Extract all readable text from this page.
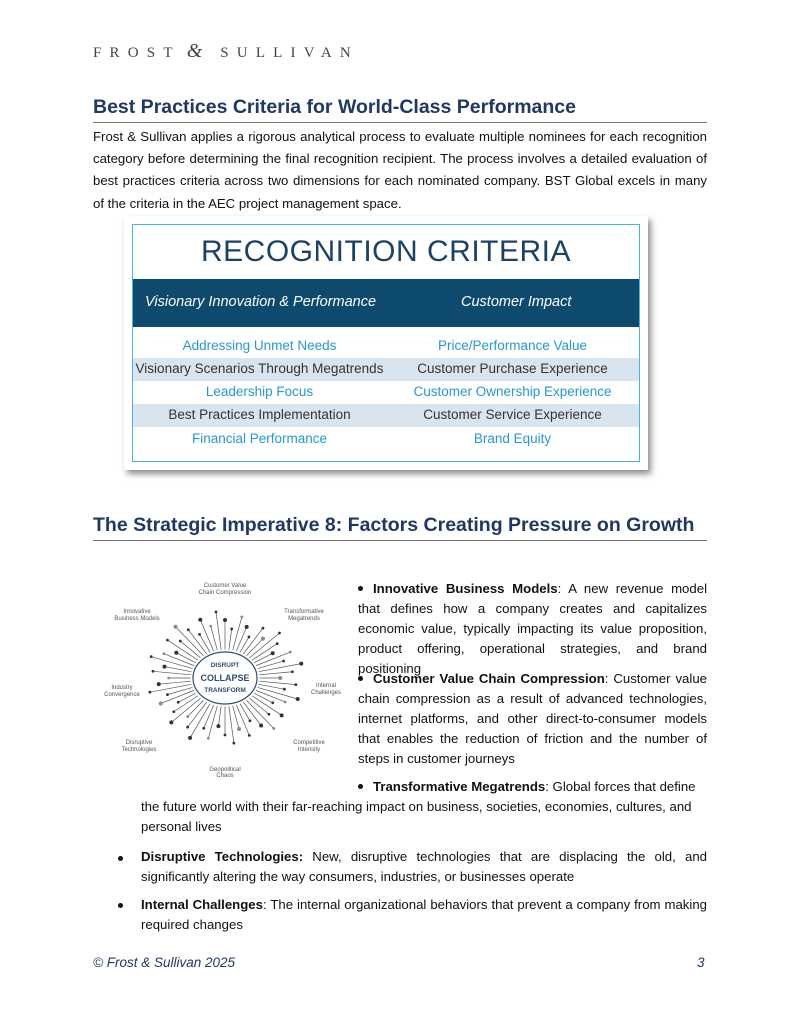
FROST & SULLIVAN
Best Practices Criteria for World-Class Performance

Frost & Sullivan applies a rigorous analytical process to evaluate multiple nominees for each recognition category before determining the final recognition recipient. The process involves a detailed evaluation of best practices criteria across two dimensions for each nominated company. BST Global excels in many of the criteria in the AEC project management space.

RECOGNITION CRITERIA
Visionary Innovation & Performance	Customer Impact
Addressing Unmet Needs	Price/Performance Value
Visionary Scenarios Through Megatrends	Customer Purchase Experience
Leadership Focus	Customer Ownership Experience
Best Practices Implementation	Customer Service Experience
Financial Performance	Brand Equity
The Strategic Imperative 8: Factors Creating Pressure on Growth
DISRUPT
COLLAPSE
TRANSFORM
Customer Value
Chain Compression
Transformative
Megatrends
Internal
Challenges
Competitive
Intensity
Geopolitical
Chaos
Disruptive
Technologies
Industry
Convergence
Innovative
Business Models
Innovative Business Models: A new revenue model that defines how a company creates and capitalizes economic value, typically impacting its value proposition, product offering, operational strategies, and brand positioning
Customer Value Chain Compression: Customer value chain compression as a result of advanced technologies, internet platforms, and other direct-to-consumer models that enables the reduction of friction and the number of steps in customer journeys
Transformative Megatrends: Global forces that define
the future world with their far-reaching impact on business, societies, economies, cultures, and personal lives
Disruptive Technologies: New, disruptive technologies that are displacing the old, and significantly altering the way consumers, industries, or businesses operate
Internal Challenges: The internal organizational behaviors that prevent a company from making required changes
© Frost & Sullivan 2025	3
